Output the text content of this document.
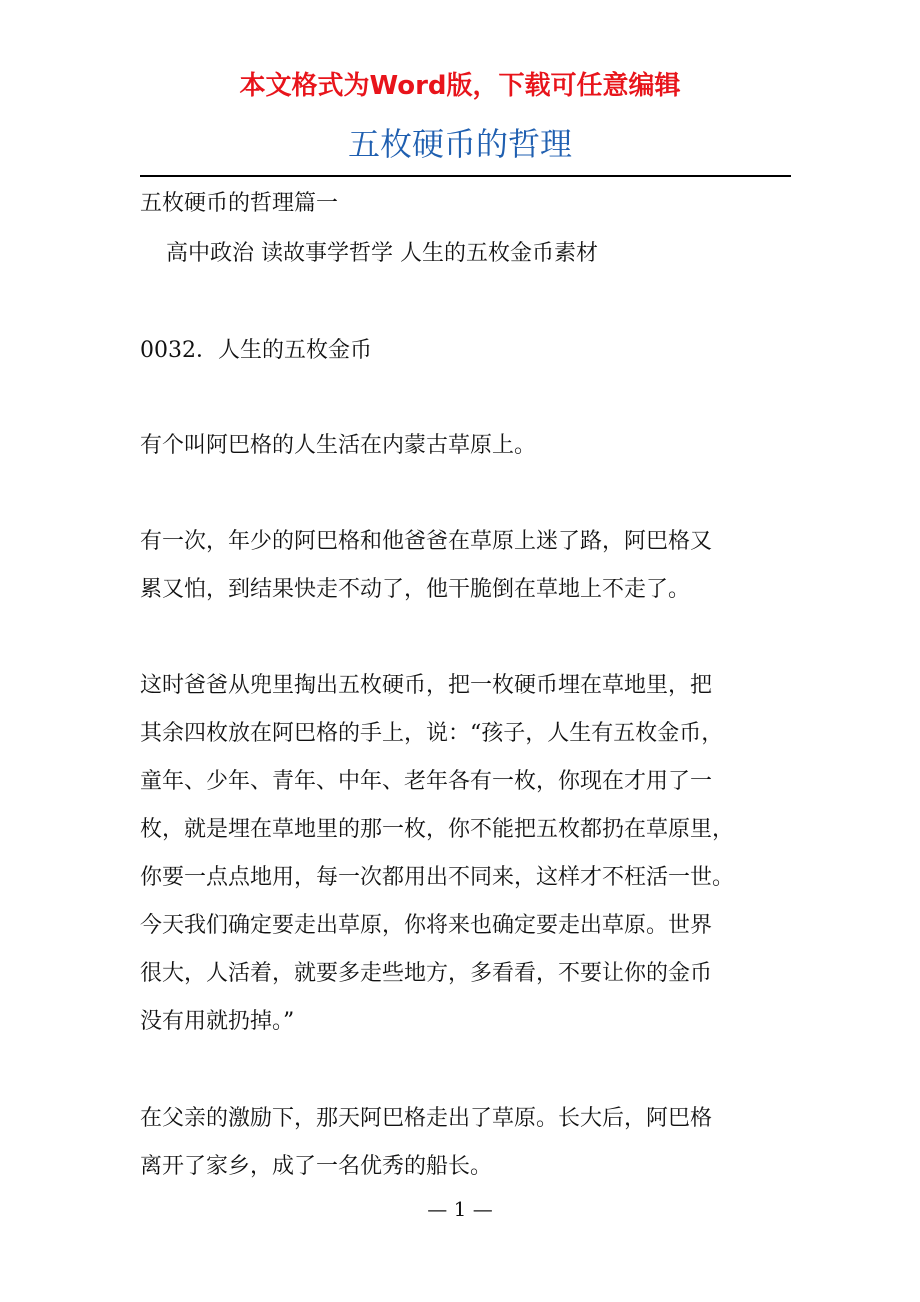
本文格式为Word版，下载可任意编辑
五枚硬币的哲理
五枚硬币的哲理篇一
高中政治 读故事学哲学 人生的五枚金币素材
0032．人生的五枚金币
有个叫阿巴格的人生活在内蒙古草原上。
有一次，年少的阿巴格和他爸爸在草原上迷了路，阿巴格又
累又怕，到结果快走不动了，他干脆倒在草地上不走了。
这时爸爸从兜里掏出五枚硬币，把一枚硬币埋在草地里，把
其余四枚放在阿巴格的手上，说：“孩子，人生有五枚金币，
童年、少年、青年、中年、老年各有一枚，你现在才用了一
枚，就是埋在草地里的那一枚，你不能把五枚都扔在草原里，
你要一点点地用，每一次都用出不同来，这样才不枉活一世。
今天我们确定要走出草原，你将来也确定要走出草原。世界
很大，人活着，就要多走些地方，多看看，不要让你的金币
没有用就扔掉。”
在父亲的激励下，那天阿巴格走出了草原。长大后，阿巴格
离开了家乡，成了一名优秀的船长。
— 1 —
